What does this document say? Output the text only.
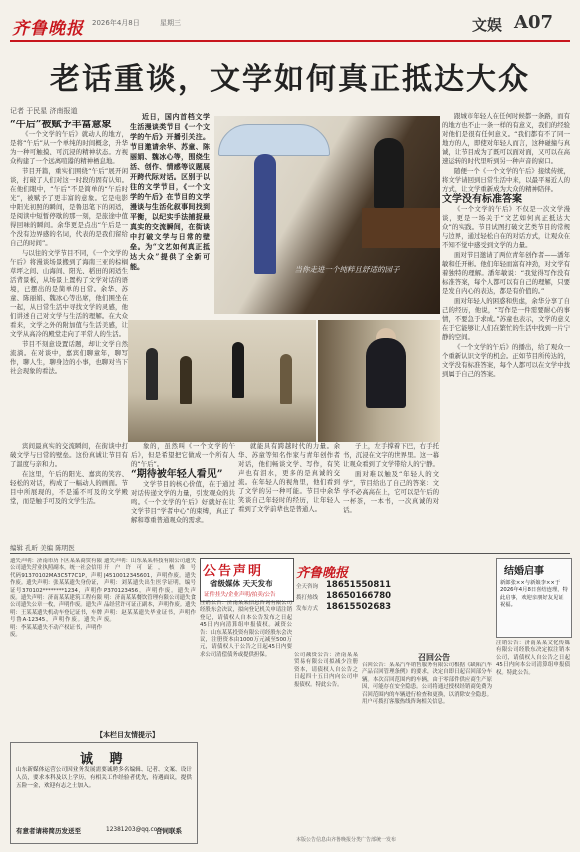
齐鲁晚报 2026年4月8日	星期三	文娱 A07
老话重谈，文学如何真正抵达大众
记者 于民星 济南报道

“午后”被赋予丰富意象

《一个文学的午后》就动人的地方，是将“午后”从一个单纯的时间概念，升华为一种可触摸、可沉浸的精神状态。方视众构建了一个远离喧嚣的精神栖息地。

节目开篇，重实们围绕“午后”展开闲谈，打破了人们对这一时段的固有认知。在他们眼中，“午后”不是简单的“午后时光”，被赋予了更丰富的意象。它是电影中阳光初照的瞬间，是鲁迅笔下的闲适，是阅读中短暂停歇的那一刻，是旅途中值得回味的瞬间。余华更是点出“午后是一个没有边界感的名词，代表的是我们留给自己的时间”。

与以往的文学节目不同，《一个文学的午后》将漫谈场景搬到了海南三亚的棕榈草坪之间、山海间、阳光、稻田的闲适生活背景板，从场景上置构了文学对话的语境，已摆出的是简单的日常。余华、苏童、陈丽娟、魏冰心等出席，他们围坐在一起，从日常生活中寻找文学的灵感，他们讲述自己对文学与生活的理解。在大众看来，文学之外的附加值与生活美感，让文学从高冷的殿堂走向了平常人的生活。

节目不刻意设置话题，却让文学自然流淌。在对谈中，嘉宾们聊童年，聊写作，聊人生，聊身边的小事，也聊对当下社会现象的看法。

近日，国内首档文学生活漫谈类节目《一个文学的午后》开播引关注。节目邀请余华、苏童、陈丽娟、魏冰心等，围绕生活、创作、情感等议题展开跨代际对话。区别于以往的文学节目，《一个文学的午后》在节目的文学漫谈与生活化叙事间找到平衡，以纪实手法捕捉最真实的交流瞬间，在街谈中打破文学与日常的壁垒。为“文艺如何真正抵达大众”提供了全新可能。	当你走进一个纯粹且舒适的园子

跟城市年轻人在任何时候都一条路，而有的地方也不止一条一样的有意义，我们的经验对他们是很有任何意义。“我们都有不了同一地方的人，即使对年轻人而言，这种碰撞与真诚，让节目成为了既可以面对面，又可以在高速运转的时代里听到另一种声音的窗口。

随便一个《一个文学的午后》接续传统，将文学请回到日常生活中来，以最平易近人的方式，让文学重新成为大众的精神陪伴。

文学没有标准答案

《一个文学的午后》不仅是一次文学漫谈，更是一场关于“文艺如何真正抵达大众”的实践。节目试图打破文艺类节目的常规与边界，通过轻松自在的对话方式，让观众在不知不觉中感受到文学的力量。

面对节目邀请了两位青年创作者——潘年敏和任开彬。他们年轻而富有冲劲，对文学有着独特的理解。潘年敏说：“我觉得写作没有标准答案，每个人都可以有自己的理解，只要是发自内心的表达，都是有价值的。”

面对年轻人的困惑和焦虑，余华分享了自己的经历，他说，“写作是一件需要耐心的事情，不要急于求成。”苏童也表示，文学的意义在于它能够让人们在繁忙的生活中找到一片宁静的空间。

《一个文学的午后》的播出，给了观众一个重新认识文学的机会。正如节目所传达的，文学没有标准答案，每个人都可以在文学中找到属于自己的答案。

宾间最真实的交流瞬间，在街谈中打破文学与日常的壁垒。这份真诚让节目有了温度与亲和力。

在这里，午后的阳光、嘉宾的笑容、轻松的对话，构成了一幅动人的画面。节目中所展现的，不是遥不可及的文学殿堂，而是触手可及的文学生活。

象的，虽然叫《一个文学的午后》，但是希望把它做成一个所有人的“午后”。

“期待被年轻人看见”

文学节目的核心价值，在于通过对话传递文学的力量，引发观众的共鸣。《一个文学的午后》好就好在让文学节目“学者中心”的束缚，真正了解和尊重普通观众的需求。

就能具有跨越时代的力量。余华、苏童等知名作家与青年创作者对话，他们畅谈文学、写作，有笑声也有泪水，更多的是真诚的交流。在年轻人的视角里，他们看到了文学的另一种可能。节目中余华笑谈自己年轻时的经历，让年轻人看到了文学前辈也是普通人。

子上，左手撑着下巴，右手托书，沉浸在文字的世界里。这一幕让观众看到了文学带给人的宁静。

面对难以触及“年轻人的文学”，节目给出了自己的答案：文学不必高高在上，它可以是午后的一杯茶，一本书，一次真诚的对话。

编辑 孔昕 美编 陈明医
遗失声明：济南市历下区某某商贸有限公司遗失营业执照副本，统一社会信用代码91370102MA3C5T7C1P，声明作废。遗失声明：张某某遗失身份证，证号370102********1234，声明作废。遗失声明：济南某某建筑工程有限公司遗失公章一枚，声明作废。遗失声明：王某某遗失机动车登记证书，车牌号鲁A·12345，声明作废。遗失声明：李某某遗失不动产权证书，声明作废。
遗失声明：山东某某科技有限公司遗失开户许可证，核准号J4510012345601，声明作废。遗失声明：刘某遗失出生医学证明，编号P370123456，声明作废。遗失声明：济南某某餐饮管理有限公司遗失食品经营许可证正副本，声明作废。遗失声明：赵某某遗失毕业证书，声明作废。
公告声明
省级媒体 天天发布
证件挂失/企业声明/拍卖/公告
齐鲁晚报
全天咨询
拨打热线
发布方式
18651550811
18650166780
18615502683
结婚启事
新郎张××与新娘李××于2026年4月8日喜结连理，特此启事，欢迎亲朋好友见证祝福。
注销公告：济南某某信息咨询有限公司经股东会决议，拟向登记机关申请注销登记，请债权人自本公告发布之日起45日内向清算组申报债权。减资公告：山东某某投资有限公司经股东会决议，注册资本由1000万元减至500万元，请债权人于公告之日起45日内要求公司清偿债务或提供担保。	公司减资公告：济南某某贸易有限公司拟减少注册资本，请债权人自公告之日起四十五日内向公司申报债权。特此公告。
召回公告
召回公告：某某汽车销售服务有限公司根据《缺陷汽车产品召回管理条例》的要求，决定自即日起召回部分车辆。本次召回范围内的车辆，由于零部件供应商生产原因，可能存在安全隐患。公司将通过授权经销商免费为召回范围内的车辆进行检查和更换，以消除安全隐患。用户可拨打客服热线咨询相关信息。
注销公告：济南某某文化传媒有限公司经股东决定拟注销本公司，请债权人自公告之日起45日内向本公司清算组申报债权。特此公告。
【本栏目友情提示】
诚 聘
山东新媒体运营公司因业务发展需要诚聘多名编辑、记者、文案、设计人员，要求本科及以上学历，有相关工作经验者优先，待遇面议，提供五险一金，欢迎有志之士加入。
有意者请将简历发送至	12381203@qq.com
合同联系
本版公告信息由齐鲁晚报分类广告部统一发布
